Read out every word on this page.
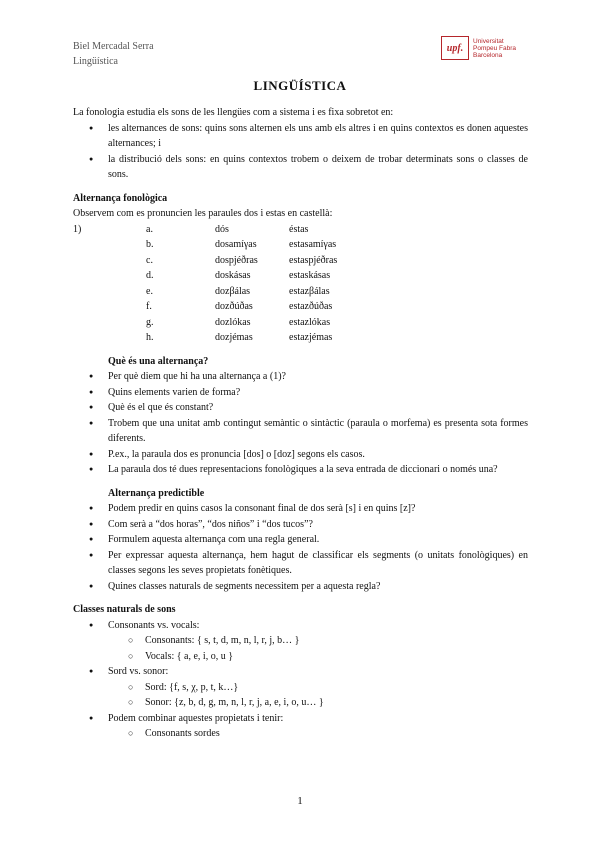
Biel Mercadal Serra
Lingüística
upf.
Universitat
Pompeu Fabra
Barcelona
LINGÜÍSTICA

La fonologia estudia els sons de les llengües com a sistema i es fixa sobretot en:

● les alternances de sons: quins sons alternen els uns amb els altres i en quins contextos es donen aquestes alternances; i
● la distribució dels sons: en quins contextos trobem o deixem de trobar determinats sons o classes de sons.

Alternança fonològica

Observem com es pronuncien les paraules dos i estas en castellà:

1)	a.	dós	éstas
b.	dosamíγas	estasamíγas
c.	dospjéðras	estaspjéðras
d.	doskásas	estaskásas
e.	dozβálas	estazβálas
f.	dozðúðas	estazðúðas
g.	dozlókas	estazlókas
h.	dozjémas	estazjémas

Què és una alternança?

● Per què diem que hi ha una alternança a (1)?
● Quins elements varien de forma?
● Què és el que és constant?
● Trobem que una unitat amb contingut semàntic o sintàctic (paraula o morfema) es presenta sota formes diferents.
● P.ex., la paraula dos es pronuncia [dos] o [doz] segons els casos.
● La paraula dos té dues representacions fonològiques a la seva entrada de diccionari o només una?

Alternança predictible

● Podem predir en quins casos la consonant final de dos serà [s] i en quins [z]?
● Com serà a “dos horas”, “dos niños” i “dos tucos”?
● Formulem aquesta alternança com una regla general.
● Per expressar aquesta alternança, hem hagut de classificar els segments (o unitats fonològiques) en classes segons les seves propietats fonètiques.
● Quines classes naturals de segments necessitem per a aquesta regla?

Classes naturals de sons

● Consonants vs. vocals:
○ Consonants: { s, t, d, m, n, l, r, j, b… }
○ Vocals: { a, e, i, o, u }
● Sord vs. sonor:
○ Sord: {f, s, χ, p, t, k…}
○ Sonor: {z, b, d, g, m, n, l, r, j, a, e, i, o, u… }
● Podem combinar aquestes propietats i tenir:
○ Consonants sordes
1
